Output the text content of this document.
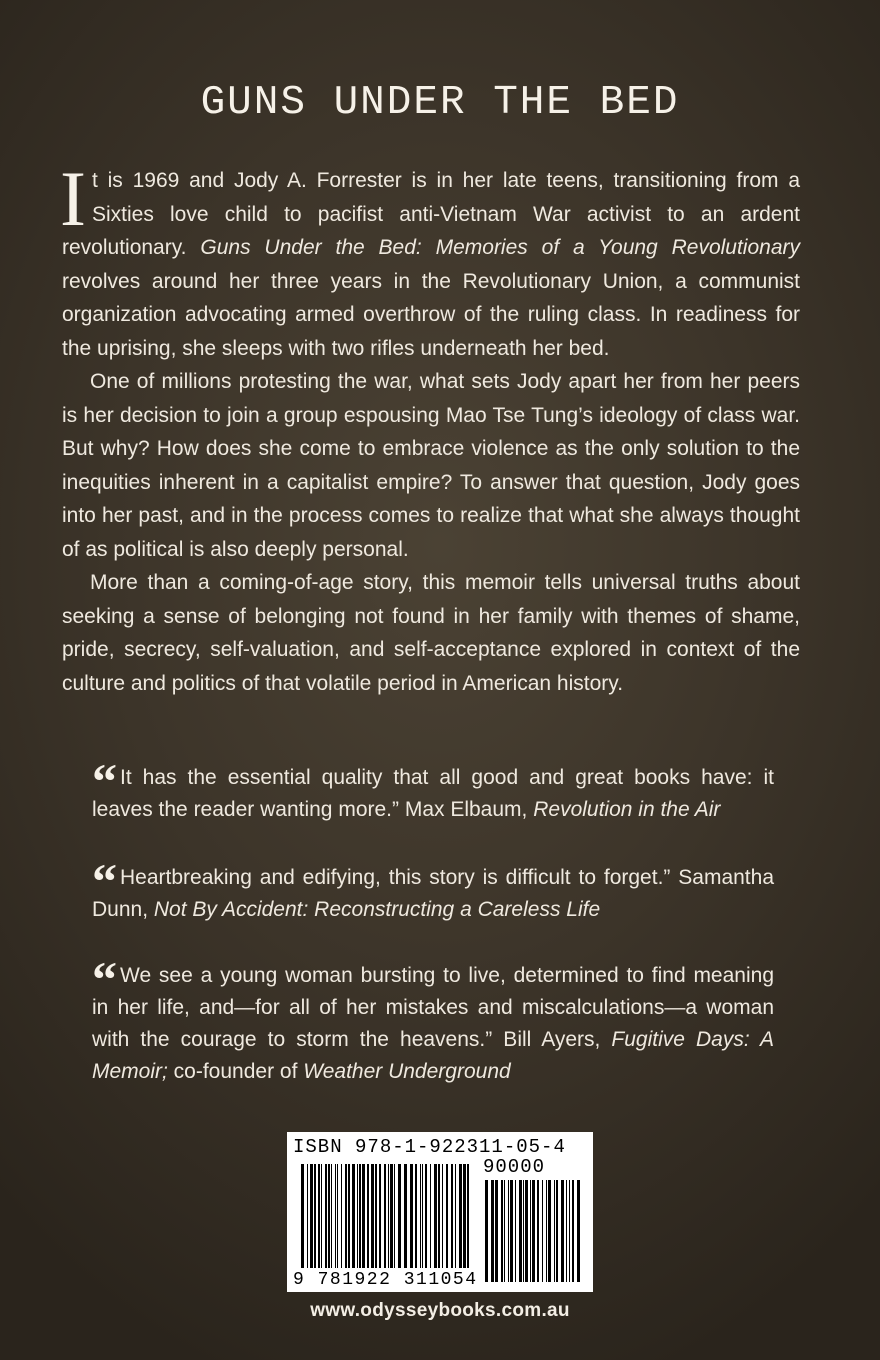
GUNS UNDER THE BED

It is 1969 and Jody A. Forrester is in her late teens, transitioning from a Sixties love child to pacifist anti-Vietnam War activist to an ardent revolutionary. Guns Under the Bed: Memories of a Young Revolutionary revolves around her three years in the Revolutionary Union, a communist organization advocating armed overthrow of the ruling class. In readiness for the uprising, she sleeps with two rifles underneath her bed.

One of millions protesting the war, what sets Jody apart her from her peers is her decision to join a group espousing Mao Tse Tung’s ideology of class war. But why? How does she come to embrace violence as the only solution to the inequities inherent in a capitalist empire? To answer that question, Jody goes into her past, and in the process comes to realize that what she always thought of as political is also deeply personal.

More than a coming-of-age story, this memoir tells universal truths about seeking a sense of belonging not found in her family with themes of shame, pride, secrecy, self-valuation, and self-acceptance explored in context of the culture and politics of that volatile period in American history.

“ It has the essential quality that all good and great books have: it leaves the reader wanting more.” Max Elbaum, Revolution in the Air
“ Heartbreaking and edifying, this story is difficult to forget.” Samantha Dunn, Not By Accident: Reconstructing a Careless Life
“ We see a young woman bursting to live, determined to find meaning in her life, and—for all of her mistakes and miscalculations—a woman with the courage to storm the heavens.” Bill Ayers, Fugitive Days: A Memoir; co-founder of Weather Underground
ISBN 978-1-922311-05-4
90000
9 781922 311054
www.odysseybooks.com.au
